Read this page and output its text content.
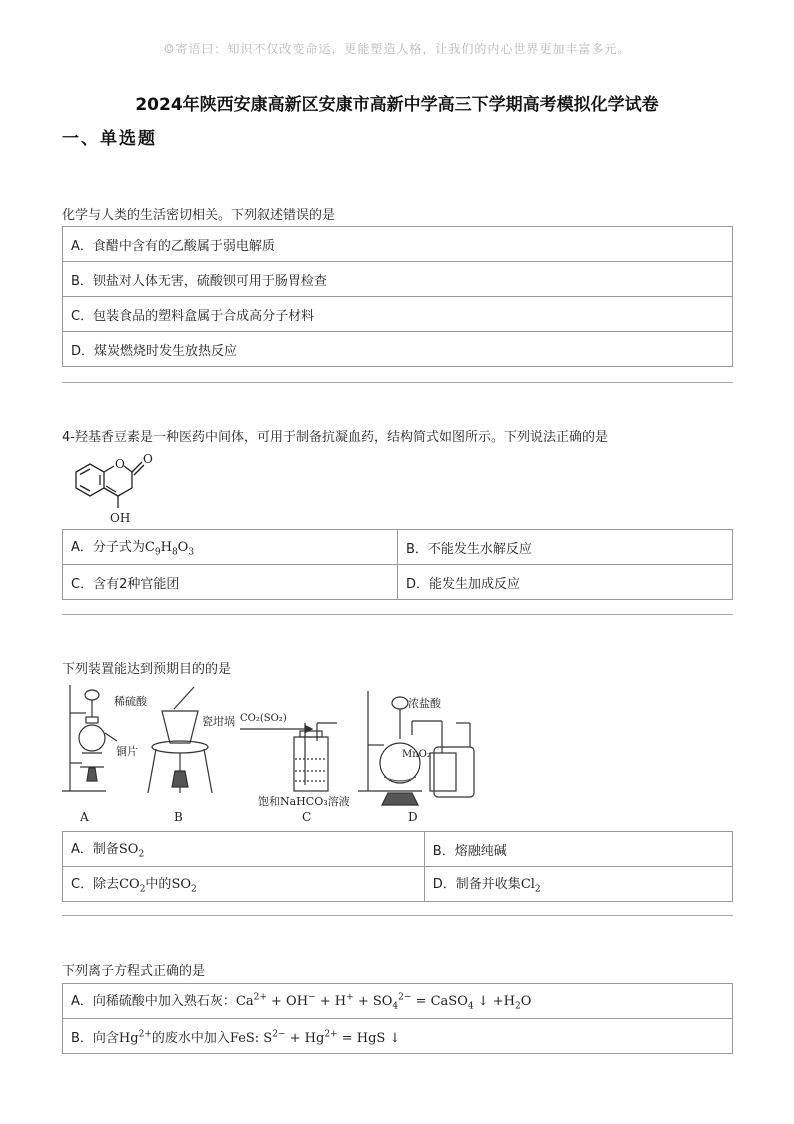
☺寄语曰：知识不仅改变命运，更能塑造人格，让我们的内心世界更加丰富多元。
2024年陕西安康高新区安康市高新中学高三下学期高考模拟化学试卷
一、单选题
化学与人类的生活密切相关。下列叙述错误的是
A．食醋中含有的乙酸属于弱电解质
B．钡盐对人体无害，硫酸钡可用于肠胃检查
C．包装食品的塑料盒属于合成高分子材料
D．煤炭燃烧时发生放热反应
4-羟基香豆素是一种医药中间体，可用于制备抗凝血药，结构简式如图所示。下列说法正确的是
O O
OH
A．分子式为$C_9H_8O_3$	B．不能发生水解反应
C．含有2种官能团	D．能发生加成反应
下列装置能达到预期目的的是
稀硫酸
铜片
瓷坩埚 CO₂(SO₂)
饱和NaHCO₃溶液
浓盐酸
MnO₂
A	B	C	D
A．制备$SO_2$	B．熔融纯碱
C．除去$CO_2$中的$SO_2$	D．制备并收集$Cl_2$
下列离子方程式正确的是
A．向稀硫酸中加入熟石灰：$Ca^{2+} + OH^- + H^+ + SO_4^{2-}$ = CaSO$_4$ ↓ $+H_2O$
B．向含$Hg^{2+}$的废水中加入FeS: $S^{2-} + Hg^{2+}$ = HgS ↓
